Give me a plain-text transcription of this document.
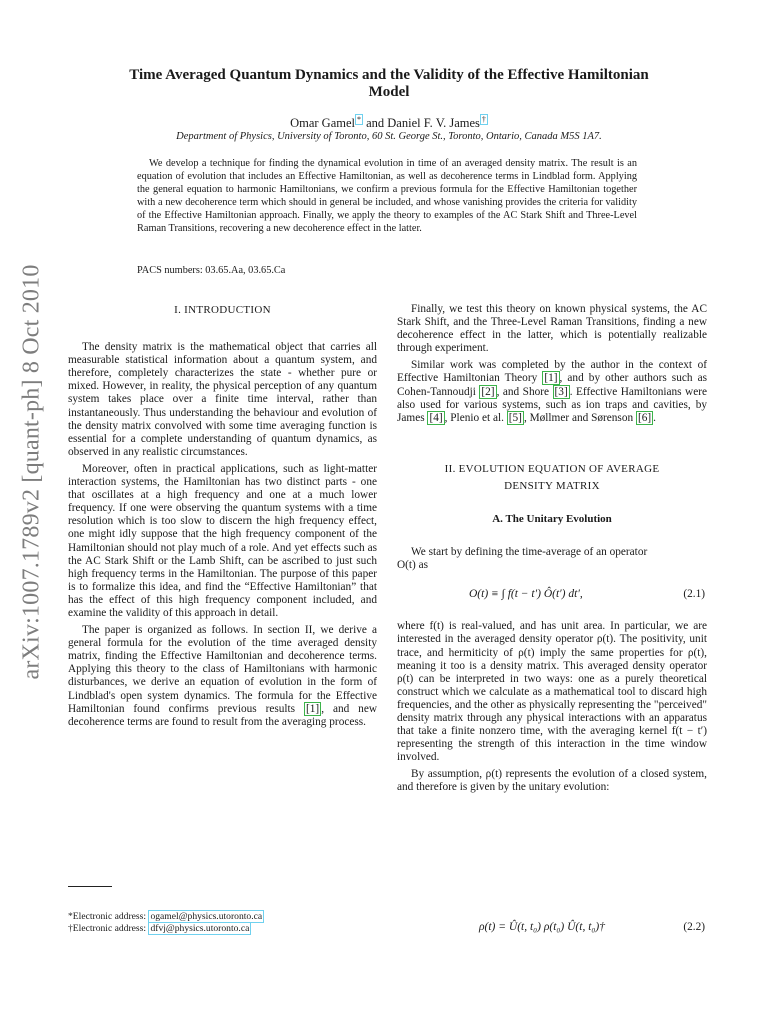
arXiv:1007.1789v2 [quant-ph] 8 Oct 2010
Time Averaged Quantum Dynamics and the Validity of the Effective Hamiltonian
Model
Omar Gamel * and Daniel F. V. James †
Department of Physics, University of Toronto, 60 St. George St., Toronto, Ontario, Canada M5S 1A7.

We develop a technique for finding the dynamical evolution in time of an averaged density matrix. The result is an equation of evolution that includes an Effective Hamiltonian, as well as decoherence terms in Lindblad form. Applying the general equation to harmonic Hamiltonians, we confirm a previous formula for the Effective Hamiltonian together with a new decoherence term which should in general be included, and whose vanishing provides the criteria for validity of the Effective Hamiltonian approach. Finally, we apply the theory to examples of the AC Stark Shift and Three-Level Raman Transitions, recovering a new decoherence effect in the latter.

PACS numbers: 03.65.Aa, 03.65.Ca

I. INTRODUCTION

The density matrix is the mathematical object that carries all measurable statistical information about a quantum system, and therefore, completely characterizes the state - whether pure or mixed. However, in reality, the physical perception of any quantum system takes place over a finite time interval, rather than instantaneously. Thus understanding the behaviour and evolution of the density matrix convolved with some time averaging function is essential for a complete understanding of quantum dynamics, as observed in any realistic circumstances.

Moreover, often in practical applications, such as light-matter interaction systems, the Hamiltonian has two distinct parts - one that oscillates at a high frequency and one at a much lower frequency. If one were observing the quantum systems with a time resolution which is too slow to discern the high frequency effect, one might idly suppose that the high frequency component of the Hamiltonian should not play much of a role. And yet effects such as the AC Stark Shift or the Lamb Shift, can be ascribed to just such high frequency terms in the Hamiltonian. The purpose of this paper is to formalize this idea, and find the “Effective Hamiltonian” that has the effect of this high frequency component included, and examine the validity of this approach in detail.

The paper is organized as follows. In section II, we derive a general formula for the evolution of the time averaged density matrix, finding the Effective Hamiltonian and decoherence terms. Applying this theory to the class of Hamiltonians with harmonic disturbances, we derive an equation of evolution in the form of Lindblad's open system dynamics. The formula for the Effective Hamiltonian found confirms previous results [1] , and new decoherence terms are found to result from the averaging process.

*Electronic address: ogamel@physics.utoronto.ca
†Electronic address: dfvj@physics.utoronto.ca

Finally, we test this theory on known physical systems, the AC Stark Shift, and the Three-Level Raman Transitions, finding a new decoherence effect in the latter, which is potentially realizable through experiment.

Similar work was completed by the author in the context of Effective Hamiltonian Theory [1] , and by other authors such as Cohen-Tannoudji [2] , and Shore [3] . Effective Hamiltonians were also used for various systems, such as ion traps and cavities, by James [4] , Plenio et al. [5] , Møllmer and Sørenson [6] .

II. EVOLUTION EQUATION OF AVERAGE

DENSITY MATRIX

A. The Unitary Evolution

We start by defining the time-average of an operator
O(t) as

O(t) ≡ ∫ f(t − t′) Ô(t′) dt′,	(2.1)

where f(t) is real-valued, and has unit area. In particular, we are interested in the averaged density operator ρ(t). The positivity, unit trace, and hermiticity of ρ(t) imply the same properties for ρ(t), meaning it too is a density matrix. This averaged density operator ρ(t) can be interpreted in two ways: one as a purely theoretical construct which we calculate as a mathematical tool to discard high frequencies, and the other as physically representing the "perceived" density matrix through any physical interactions with an apparatus that take a finite nonzero time, with the averaging kernel f(t − t′) representing the strength of this interaction in the time window involved.

By assumption, ρ(t) represents the evolution of a closed system, and therefore is given by the unitary evolution:

ρ(t) = Û(t, t₀) ρ(t₀) Û(t, t₀)†	(2.2)
